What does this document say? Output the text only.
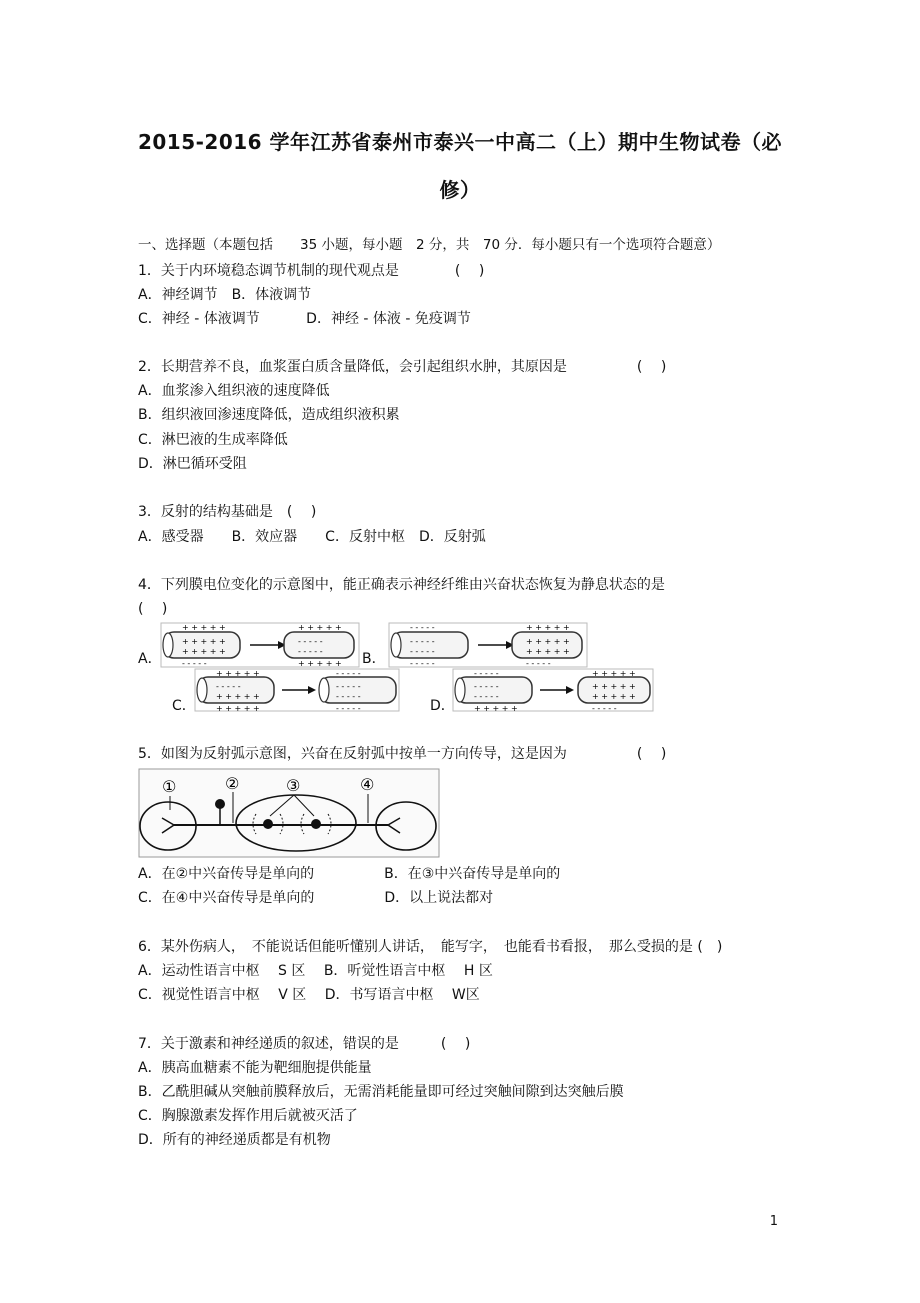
2015-2016 学年江苏省泰州市泰兴一中高二（上）期中生物试卷（必
修）
一、选择题（本题包括　　35 小题，每小题　2 分，共　70 分．每小题只有一个选项符合题意）
1．关于内环境稳态调节机制的现代观点是　　　　(　 )
A．神经调节　B．体液调节
C．神经 - 体液调节　　　 D．神经 - 体液 - 免疫调节
2．长期营养不良，血浆蛋白质含量降低，会引起组织水肿，其原因是　　　　　(　 )
A．血浆渗入组织液的速度降低
B．组织液回渗速度降低，造成组织液积累
C．淋巴液的生成率降低
D．淋巴循环受阻
3．反射的结构基础是　(　 )
A．感受器　　B．效应器　　C．反射中枢　D．反射弧
4．下列膜电位变化的示意图中，能正确表示神经纤维由兴奋状态恢复为静息状态的是
(　 )
A．
+ + + + +
+ + + + +
+ + + + +
- - - - -
+ + + + +
- - - - -
- - - - -
+ + + + + B．
- - - - -
- - - - -
- - - - -
- - - - -
+ + + + +
+ + + + +
+ + + + +
- - - - -
C．
+ + + + +
- - - - -
+ + + + +
+ + + + +
- - - - -
- - - - -
- - - - -
- - - - -	D．
- - - - -
- - - - -
- - - - -
+ + + + +
+ + + + +
+ + + + +
+ + + + +
- - - - -
5．如图为反射弧示意图，兴奋在反射弧中按单一方向传导，这是因为　　　　　(　 )
①	②	③	④
A．在②中兴奋传导是单向的　　　　　B．在③中兴奋传导是单向的
C．在④中兴奋传导是单向的　　　　　D．以上说法都对
6．某外伤病人，　不能说话但能听懂别人讲话，　能写字，　也能看书看报，　那么受损的是 (　)
A．运动性语言中枢　 S 区　 B．听觉性语言中枢　 H 区
C．视觉性语言中枢　 V 区　 D．书写语言中枢　 W区
7．关于激素和神经递质的叙述，错误的是　　　(　 )
A．胰高血糖素不能为靶细胞提供能量
B．乙酰胆碱从突触前膜释放后，无需消耗能量即可经过突触间隙到达突触后膜
C．胸腺激素发挥作用后就被灭活了
D．所有的神经递质都是有机物
1
